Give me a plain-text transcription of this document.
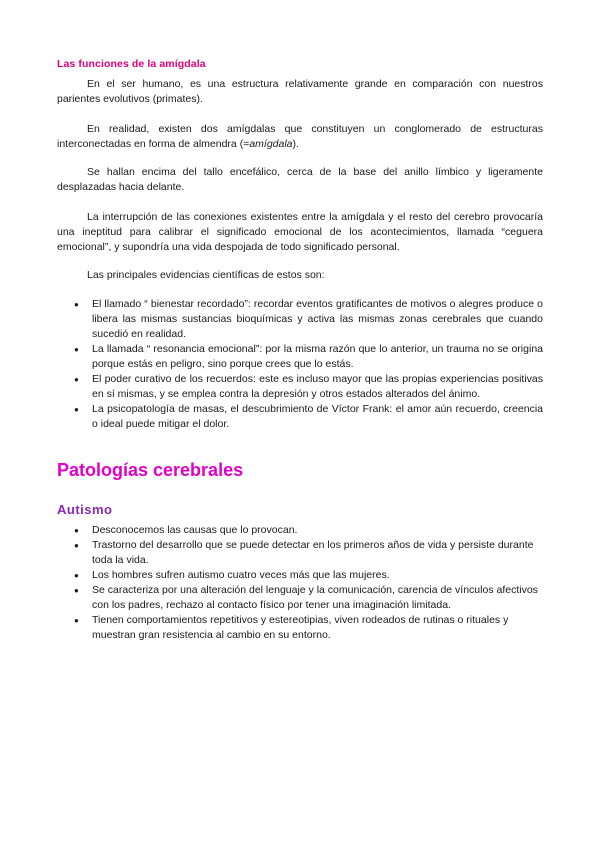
Las funciones de la amígdala

En el ser humano, es una estructura relativamente grande en comparación con nuestros parientes evolutivos (primates).

En realidad, existen dos amígdalas que constituyen un conglomerado de estructuras interconectadas en forma de almendra (=amígdala).

Se hallan encima del tallo encefálico, cerca de la base del anillo límbico y ligeramente desplazadas hacia delante.

La interrupción de las conexiones existentes entre la amígdala y el resto del cerebro provocaría una ineptitud para calibrar el significado emocional de los acontecimientos, llamada “ceguera emocional”, y supondría una vida despojada de todo significado personal.

Las principales evidencias científicas de estos son:

● El llamado “ bienestar recordado”: recordar eventos gratificantes de motivos o alegres produce o libera las mismas sustancias bioquímicas y activa las mismas zonas cerebrales que cuando sucedió en realidad.
● La llamada “ resonancia emocional”: por la misma razón que lo anterior, un trauma no se origina porque estás en peligro, sino porque crees que lo estás.
● El poder curativo de los recuerdos: este es incluso mayor que las propias experiencias positivas en sí mismas, y se emplea contra la depresión y otros estados alterados del ánimo.
● La psicopatología de masas, el descubrimiento de Víctor Frank: el amor aún recuerdo, creencia o ideal puede mitigar el dolor.
Patologías cerebrales
Autismo
● Desconocemos las causas que lo provocan.
● Trastorno del desarrollo que se puede detectar en los primeros años de vida y persiste durante toda la vida.
● Los hombres sufren autismo cuatro veces más que las mujeres.
● Se caracteriza por una alteración del lenguaje y la comunicación, carencia de vínculos afectivos con los padres, rechazo al contacto físico por tener una imaginación limitada.
● Tienen comportamientos repetitivos y estereotipias, viven rodeados de rutinas o rituales y muestran gran resistencia al cambio en su entorno.
